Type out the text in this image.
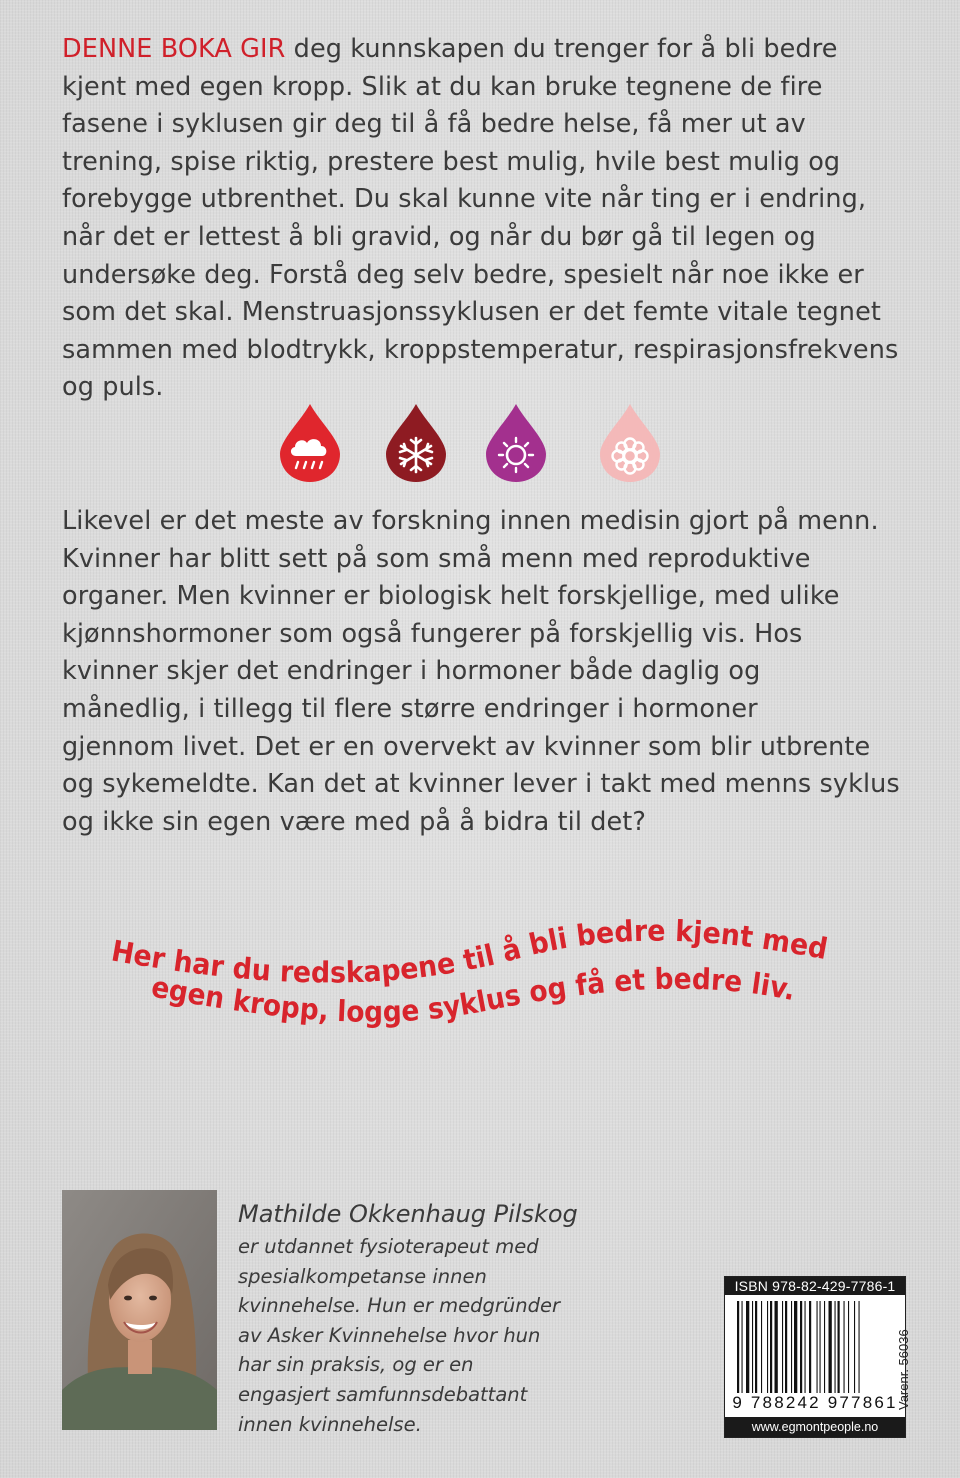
DENNE BOKA GIR deg kunnskapen du trenger for å bli bedre
kjent med egen kropp. Slik at du kan bruke tegnene de fire
fasene i syklusen gir deg til å få bedre helse, få mer ut av
trening, spise riktig, prestere best mulig, hvile best mulig og
forebygge utbrenthet. Du skal kunne vite når ting er i endring,
når det er lettest å bli gravid, og når du bør gå til legen og
undersøke deg. Forstå deg selv bedre, spesielt når noe ikke er
som det skal. Menstruasjonssyklusen er det femte vitale tegnet
sammen med blodtrykk, kroppstemperatur, respirasjonsfrekvens
og puls.
Likevel er det meste av forskning innen medisin gjort på menn.
Kvinner har blitt sett på som små menn med reproduktive
organer. Men kvinner er biologisk helt forskjellige, med ulike
kjønnshormoner som også fungerer på forskjellig vis. Hos
kvinner skjer det endringer i hormoner både daglig og
månedlig, i tillegg til flere større endringer i hormoner
gjennom livet. Det er en overvekt av kvinner som blir utbrente
og sykemeldte. Kan det at kvinner lever i takt med menns syklus
og ikke sin egen være med på å bidra til det?
Her har du redskapene til å bli bedre kjent med
egen kropp, logge syklus og få et bedre liv.
Mathilde Okkenhaug Pilskog
er utdannet fysioterapeut med
spesialkompetanse innen
kvinnehelse. Hun er medgründer
av Asker Kvinnehelse hvor hun
har sin praksis, og er en
engasjert samfunnsdebattant
innen kvinnehelse.
ISBN 978-82-429-7786-1
9 788242 977861
www.egmontpeople.no
Varenr. 56036
